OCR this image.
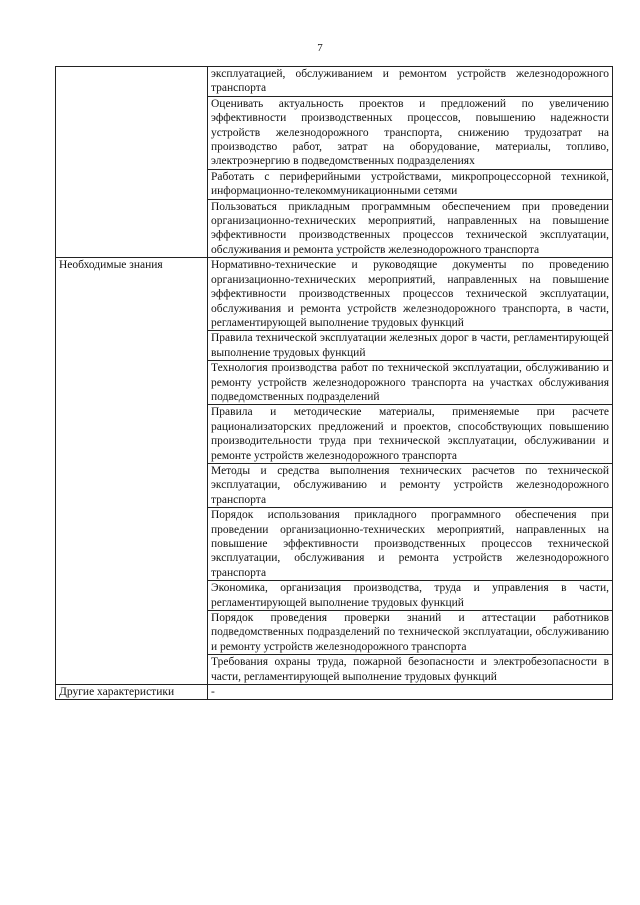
7

	эксплуатацией, обслуживанием и ремонтом устройств железнодорожного транспорта

	Оценивать актуальность проектов и предложений по увеличению эффективности производственных процессов, повышению надежности устройств железнодорожного транспорта, снижению трудозатрат на производство работ, затрат на оборудование, материалы, топливо, электроэнергию в подведомственных подразделениях

	Работать с периферийными устройствами, микропроцессорной техникой, информационно-телекоммуникационными сетями

	Пользоваться прикладным программным обеспечением при проведении организационно-технических мероприятий, направленных на повышение эффективности производственных процессов технической эксплуатации, обслуживания и ремонта устройств железнодорожного транспорта

Необходимые знания	Нормативно-технические и руководящие документы по проведению организационно-технических мероприятий, направленных на повышение эффективности производственных процессов технической эксплуатации, обслуживания и ремонта устройств железнодорожного транспорта, в части, регламентирующей выполнение трудовых функций

	Правила технической эксплуатации железных дорог в части, регламентирующей выполнение трудовых функций

	Технология производства работ по технической эксплуатации, обслуживанию и ремонту устройств железнодорожного транспорта на участках обслуживания подведомственных подразделений

	Правила и методические материалы, применяемые при расчете рационализаторских предложений и проектов, способствующих повышению производительности труда при технической эксплуатации, обслуживании и ремонте устройств железнодорожного транспорта

	Методы и средства выполнения технических расчетов по технической эксплуатации, обслуживанию и ремонту устройств железнодорожного транспорта

	Порядок использования прикладного программного обеспечения при проведении организационно-технических мероприятий, направленных на повышение эффективности производственных процессов технической эксплуатации, обслуживания и ремонта устройств железнодорожного транспорта

	Экономика, организация производства, труда и управления в части, регламентирующей выполнение трудовых функций

	Порядок проведения проверки знаний и аттестации работников подведомственных подразделений по технической эксплуатации, обслуживанию и ремонту устройств железнодорожного транспорта

	Требования охраны труда, пожарной безопасности и электробезопасности в части, регламентирующей выполнение трудовых функций

Другие характеристики	-
